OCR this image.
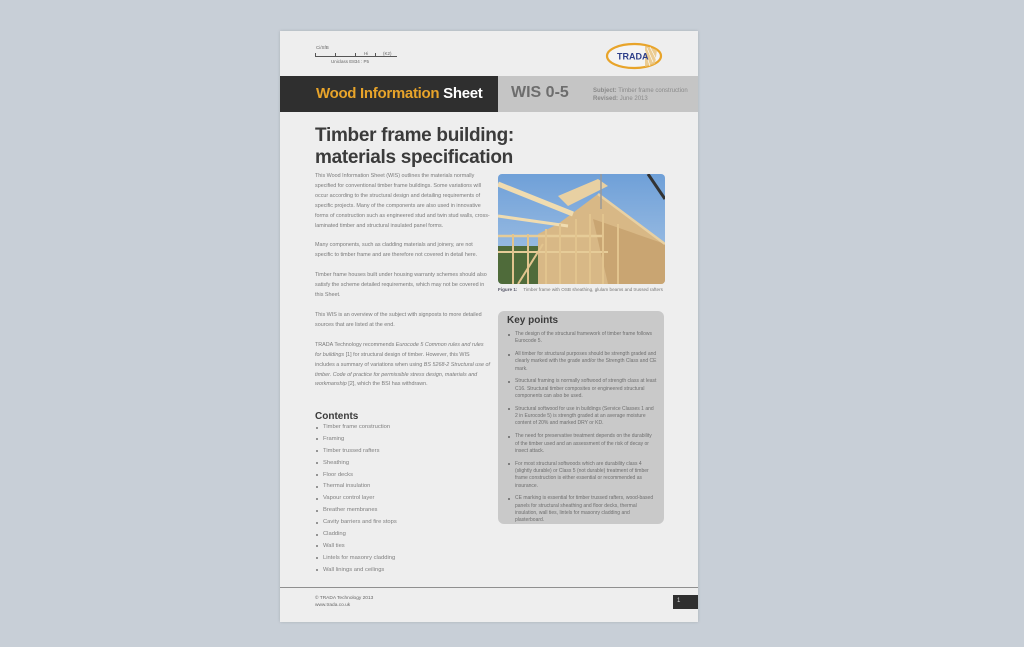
Ci/SfB
Hi	(K2)
Uniclass E834 : P5	TRADA
Wood Information Sheet WIS 0-5	Subject: Timber frame construction
Revised: June 2013
Timber frame building:
materials specification

This Wood Information Sheet (WIS) outlines the materials normally specified for conventional timber frame buildings. Some variations will occur according to the structural design and detailing requirements of specific projects. Many of the components are also used in innovative forms of construction such as engineered stud and twin stud walls, cross-laminated timber and structural insulated panel forms.

Many components, such as cladding materials and joinery, are not specific to timber frame and are therefore not covered in detail here.

Timber frame houses built under housing warranty schemes should also satisfy the scheme detailed requirements, which may not be covered in this Sheet.

This WIS is an overview of the subject with signposts to more detailed sources that are listed at the end.

TRADA Technology recommends Eurocode 5 Common rules and rules for buildings [1] for structural design of timber. However, this WIS includes a summary of variations when using BS 5268-2 Structural use of timber. Code of practice for permissible stress design, materials and workmanship [2], which the BSI has withdrawn.

Contents
Timber frame construction
Framing
Timber trussed rafters
Sheathing
Floor decks
Thermal insulation
Vapour control layer
Breather membranes
Cavity barriers and fire stops
Cladding
Wall ties
Lintels for masonry cladding
Wall linings and ceilings
Figure 1: Timber frame with OSB sheathing, glulam beams and trussed rafters
Key points
The design of the structural framework of timber frame follows Eurocode 5.
All timber for structural purposes should be strength graded and clearly marked with the grade and/or the Strength Class and CE mark.
Structural framing is normally softwood of strength class at least C16. Structural timber composites or engineered structural components can also be used.
Structural softwood for use in buildings (Service Classes 1 and 2 in Eurocode 5) is strength graded at an average moisture content of 20% and marked DRY or KD.
The need for preservative treatment depends on the durability of the timber used and an assessment of the risk of decay or insect attack.
For most structural softwoods which are durability class 4 (slightly durable) or Class 5 (not durable) treatment of timber frame construction is either essential or recommended as insurance.
CE marking is essential for timber trussed rafters, wood-based panels for structural sheathing and floor decks, thermal insulation, wall ties, lintels for masonry cladding and plasterboard.
© TRADA Technology 2013
www.trada.co.uk
1
